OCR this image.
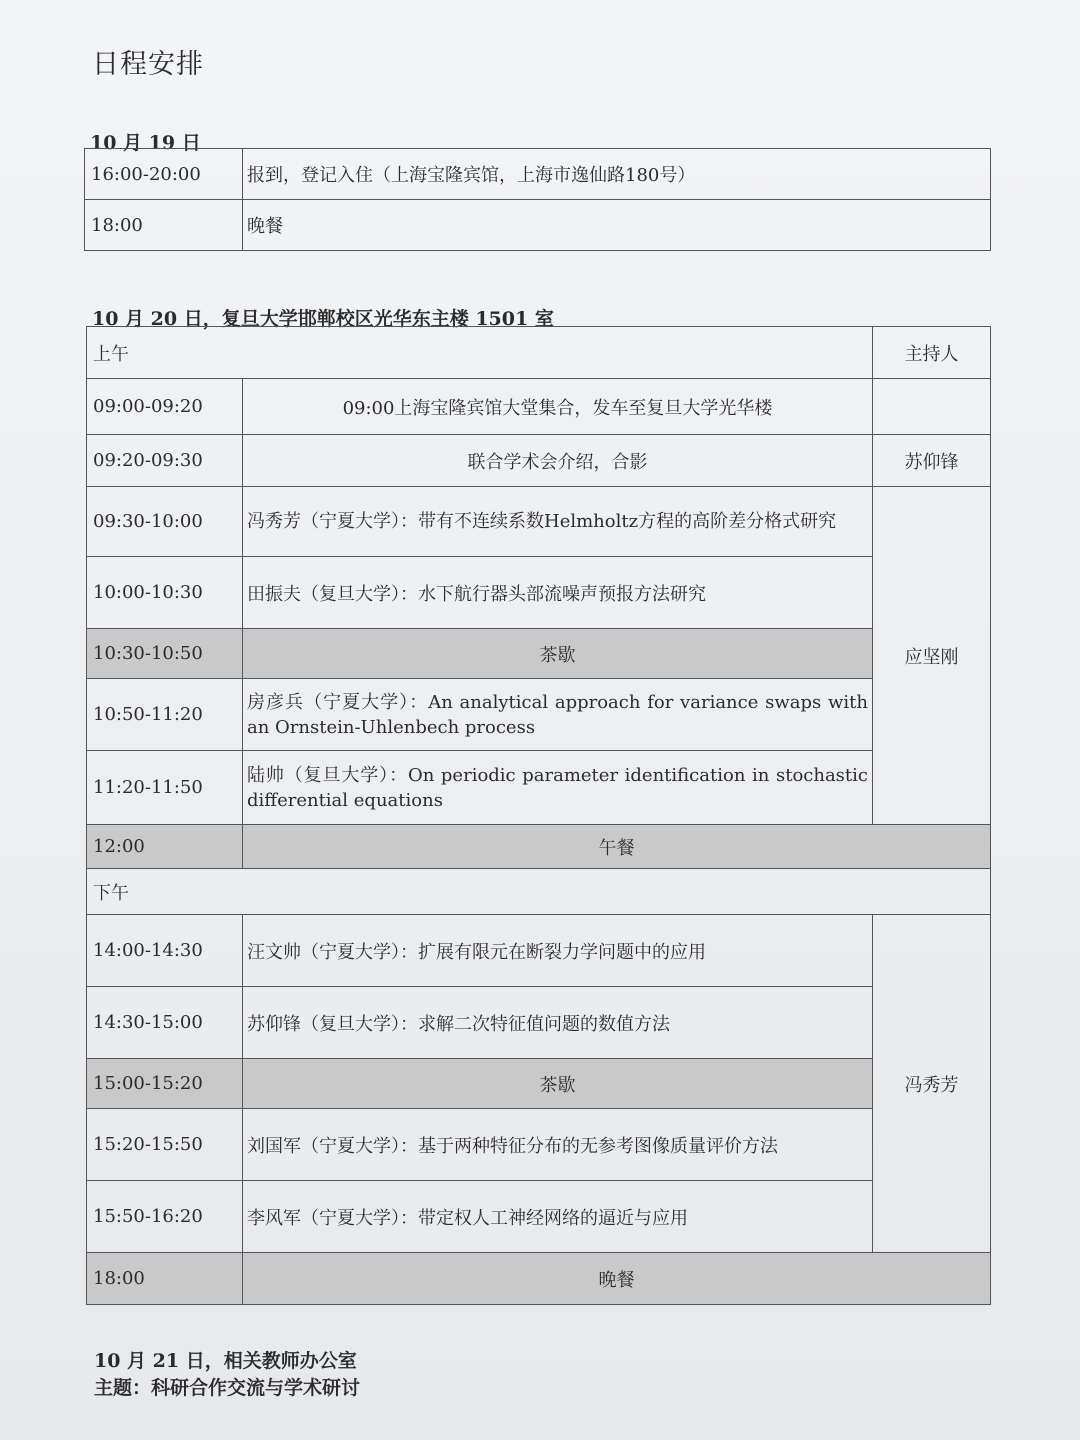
日程安排
10 月 19 日
16:00-20:00	报到，登记入住（上海宝隆宾馆，上海市逸仙路180号）
18:00	晚餐
10 月 20 日，复旦大学邯郸校区光华东主楼 1501 室
上午		主持人
09:00-09:20	09:00上海宝隆宾馆大堂集合，发车至复旦大学光华楼	
09:20-09:30	联合学术会介绍，合影	苏仰锋
09:30-10:00	冯秀芳（宁夏大学）：带有不连续系数Helmholtz方程的高阶差分格式研究	应坚刚
10:00-10:30	田振夫（复旦大学）：水下航行器头部流噪声预报方法研究	
10:30-10:50	茶歇	
10:50-11:20	房彦兵（宁夏大学）：An analytical approach for variance swaps with an Ornstein-Uhlenbech process	
11:20-11:50	陆帅（复旦大学）：On periodic parameter identification in stochastic differential equations	
12:00	午餐	
下午		
14:00-14:30	汪文帅（宁夏大学）：扩展有限元在断裂力学问题中的应用	冯秀芳
14:30-15:00	苏仰锋（复旦大学）：求解二次特征值问题的数值方法	
15:00-15:20	茶歇	
15:20-15:50	刘国军（宁夏大学）：基于两种特征分布的无参考图像质量评价方法	
15:50-16:20	李风军（宁夏大学）：带定权人工神经网络的逼近与应用	
18:00	晚餐	
10 月 21 日，相关教师办公室
主题：科研合作交流与学术研讨
